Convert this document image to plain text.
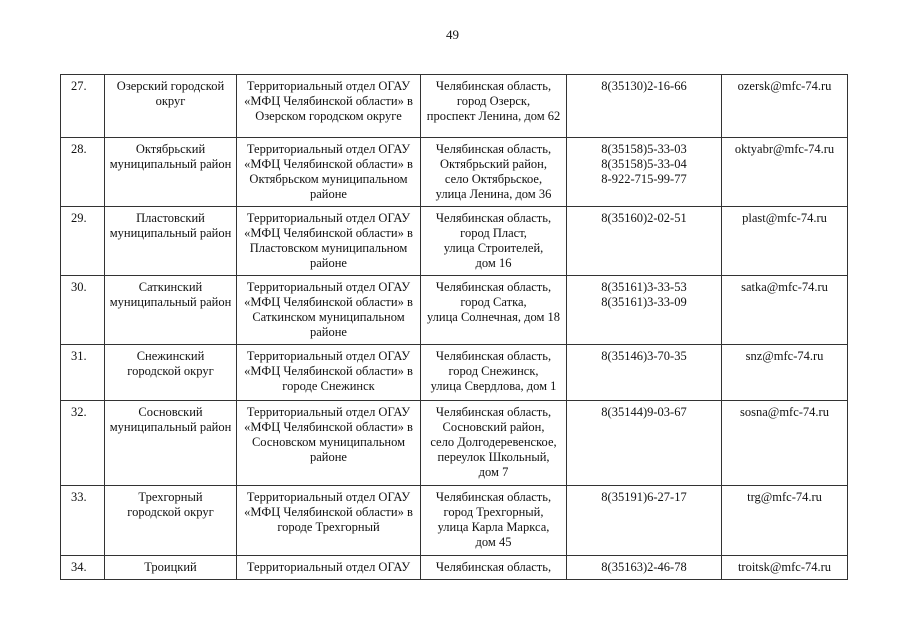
49
27.	Озерский городской
округ	Территориальный отдел ОГАУ
«МФЦ Челябинской области» в
Озерском городском округе	Челябинская область,
город Озерск,
проспект Ленина, дом 62	8(35130)2-16-66	ozersk@mfc-74.ru

28.	Октябрьский
муниципальный район	Территориальный отдел ОГАУ
«МФЦ Челябинской области» в
Октябрьском муниципальном
районе	Челябинская область,
Октябрьский район,
село Октябрьское,
улица Ленина, дом 36	8(35158)5-33-03
8(35158)5-33-04
8-922-715-99-77	oktyabr@mfc-74.ru

29.	Пластовский
муниципальный район	Территориальный отдел ОГАУ
«МФЦ Челябинской области» в
Пластовском муниципальном
районе	Челябинская область,
город Пласт,
улица Строителей,
дом 16	8(35160)2-02-51	plast@mfc-74.ru

30.	Саткинский
муниципальный район	Территориальный отдел ОГАУ
«МФЦ Челябинской области» в
Саткинском муниципальном
районе	Челябинская область,
город Сатка,
улица Солнечная, дом 18	8(35161)3-33-53
8(35161)3-33-09	satka@mfc-74.ru

31.	Снежинский
городской округ	Территориальный отдел ОГАУ
«МФЦ Челябинской области» в
городе Снежинск	Челябинская область,
город Снежинск,
улица Свердлова, дом 1	8(35146)3-70-35	snz@mfc-74.ru

32.	Сосновский
муниципальный район	Территориальный отдел ОГАУ
«МФЦ Челябинской области» в
Сосновском муниципальном
районе	Челябинская область,
Сосновский район,
село Долгодеревенское,
переулок Школьный,
дом 7	8(35144)9-03-67	sosna@mfc-74.ru

33.	Трехгорный
городской округ	Территориальный отдел ОГАУ
«МФЦ Челябинской области» в
городе Трехгорный	Челябинская область,
город Трехгорный,
улица Карла Маркса,
дом 45	8(35191)6-27-17	trg@mfc-74.ru

34.	Троицкий	Территориальный отдел ОГАУ	Челябинская область,	8(35163)2-46-78	troitsk@mfc-74.ru
